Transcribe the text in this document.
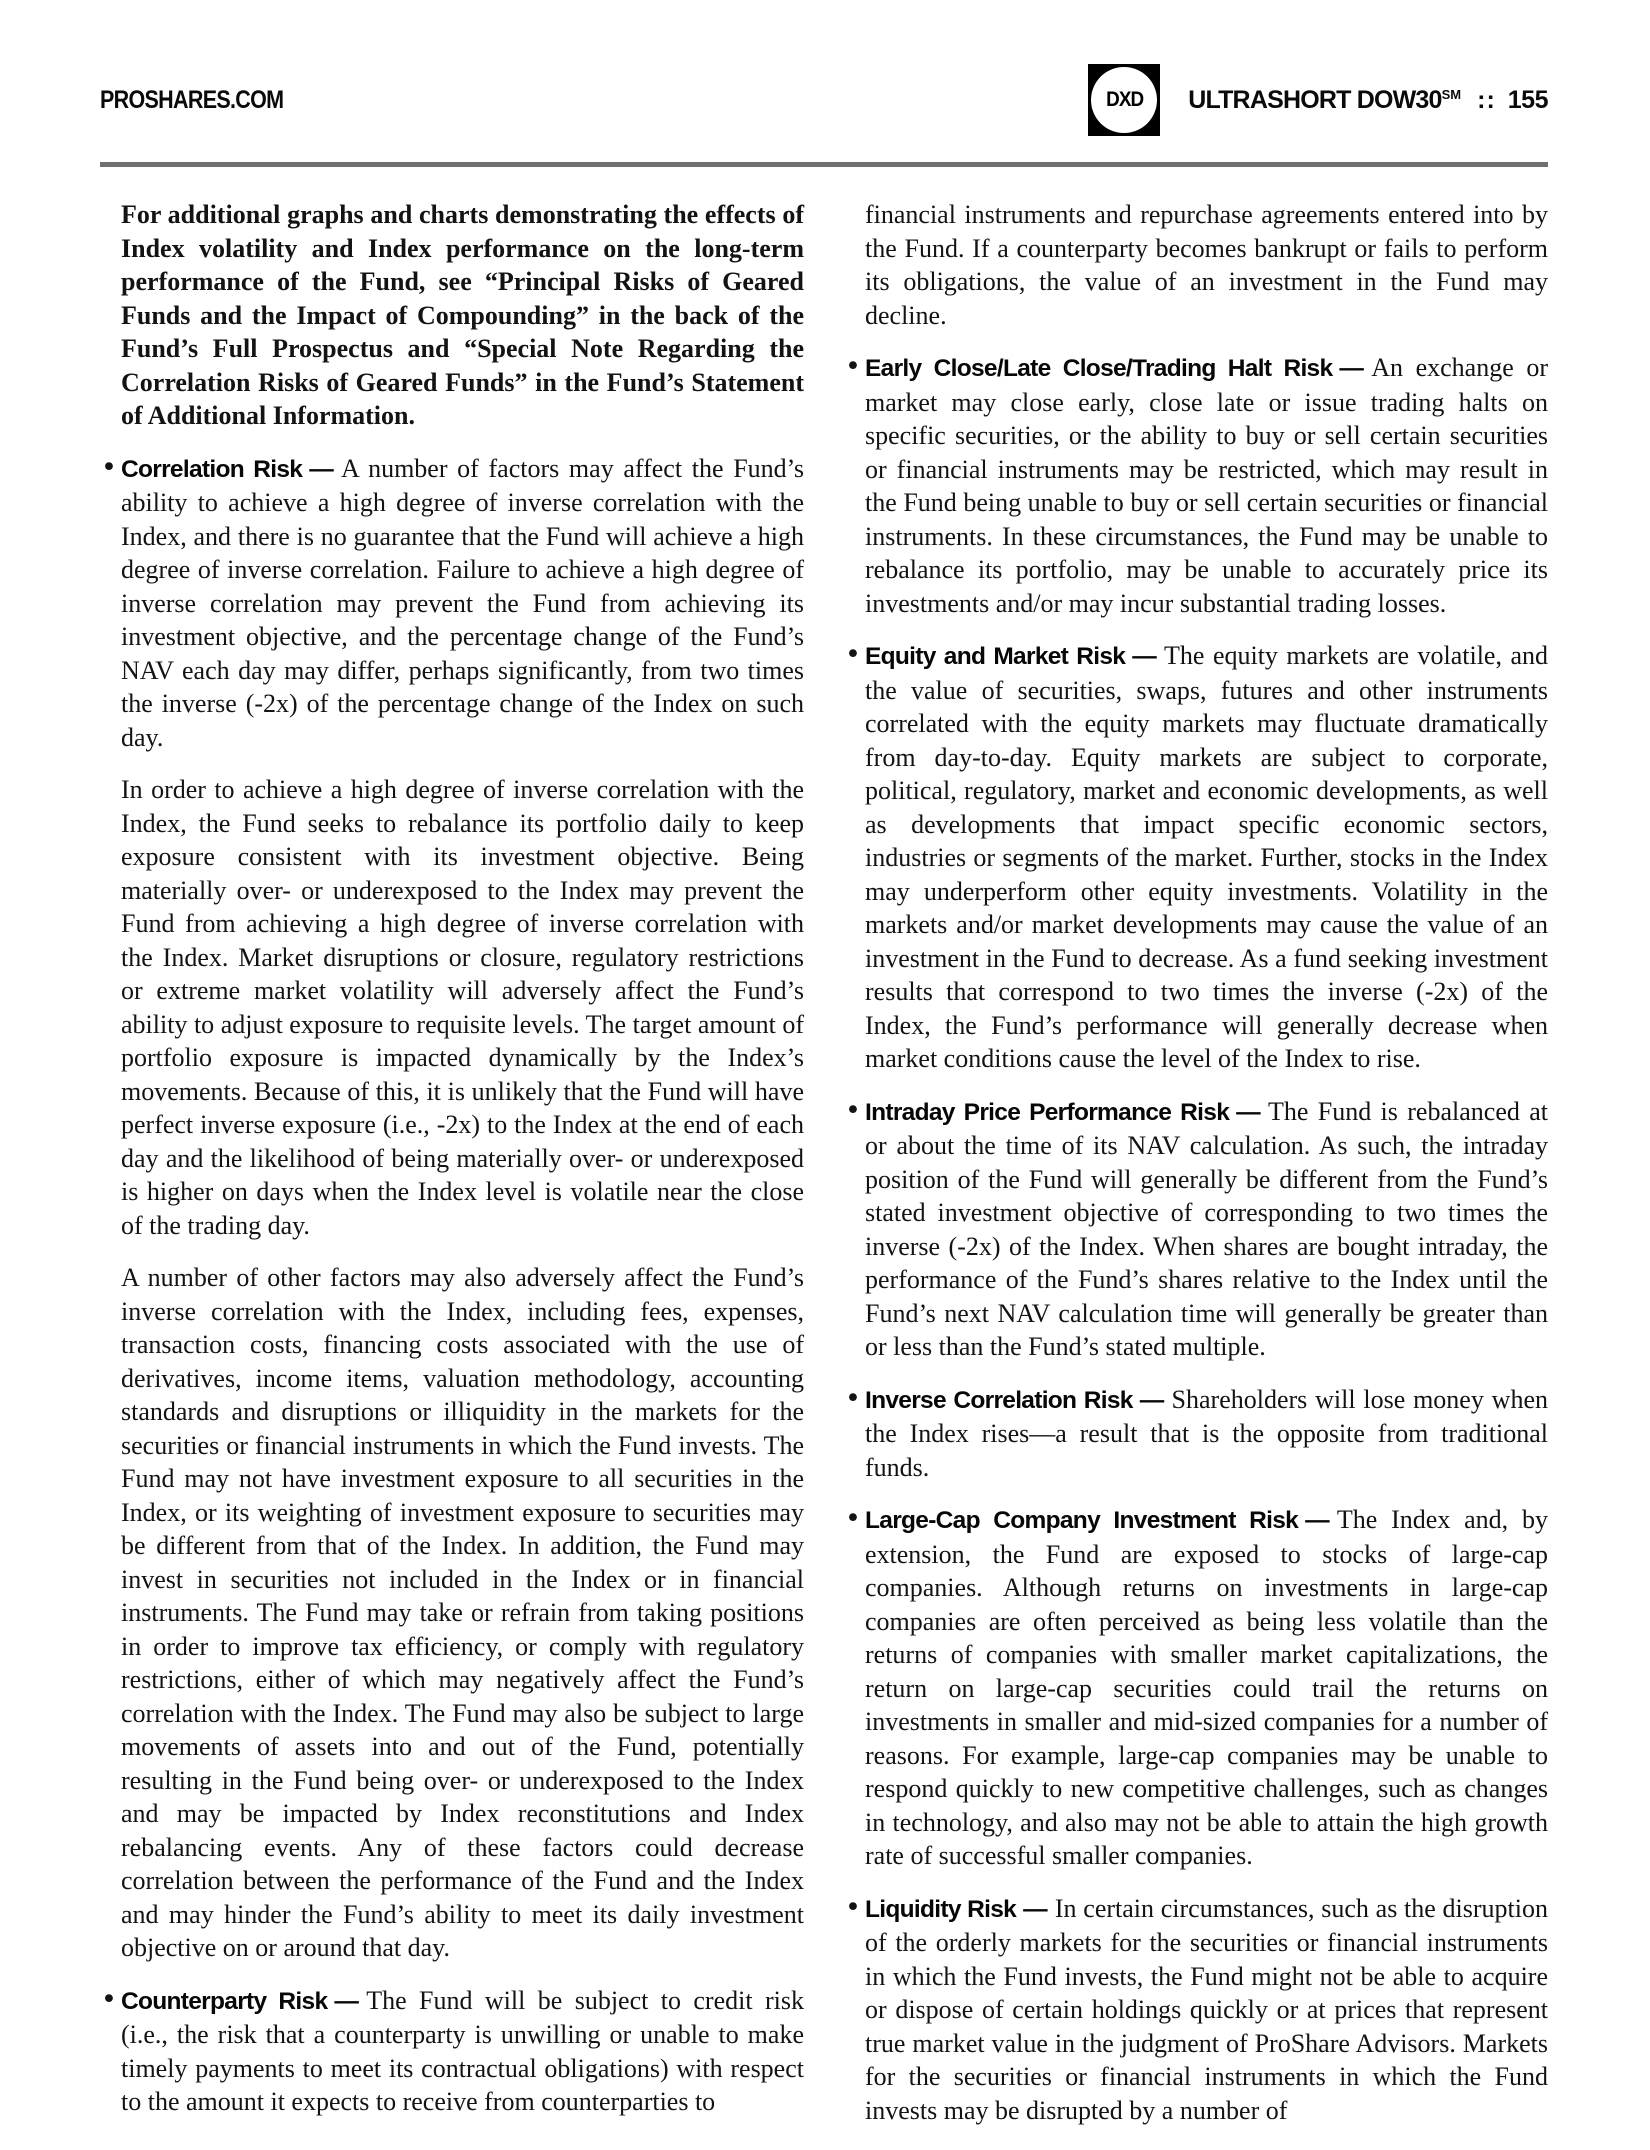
PROSHARES.COM	DXD ULTRASHORT DOW30 SM :: 155

For additional graphs and charts demonstrating the effects of Index volatility and Index performance on the long-term performance of the Fund, see “Principal Risks of Geared Funds and the Impact of Compounding” in the back of the Fund’s Full Prospectus and “Special Note Regarding the Correlation Risks of Geared Funds” in the Fund’s Statement of Additional Information.

• Correlation Risk — A number of factors may affect the Fund’s ability to achieve a high degree of inverse correlation with the Index, and there is no guarantee that the Fund will achieve a high degree of inverse correlation. Failure to achieve a high degree of inverse correlation may prevent the Fund from achieving its investment objective, and the percentage change of the Fund’s NAV each day may differ, perhaps significantly, from two times the inverse (-2x) of the percentage change of the Index on such day.

In order to achieve a high degree of inverse correlation with the Index, the Fund seeks to rebalance its portfolio daily to keep exposure consistent with its investment objective. Being materially over- or underexposed to the Index may prevent the Fund from achieving a high degree of inverse correlation with the Index. Market disruptions or closure, regulatory restrictions or extreme market volatility will adversely affect the Fund’s ability to adjust exposure to requisite levels. The target amount of portfolio exposure is impacted dynamically by the Index’s movements. Because of this, it is unlikely that the Fund will have perfect inverse exposure (i.e., -2x) to the Index at the end of each day and the likelihood of being materially over- or underexposed is higher on days when the Index level is volatile near the close of the trading day.

A number of other factors may also adversely affect the Fund’s inverse correlation with the Index, including fees, expenses, transaction costs, financing costs associated with the use of derivatives, income items, valuation methodology, accounting standards and disruptions or illiquidity in the markets for the securities or financial instruments in which the Fund invests. The Fund may not have investment exposure to all securities in the Index, or its weighting of investment exposure to securities may be different from that of the Index. In addition, the Fund may invest in securities not included in the Index or in financial instruments. The Fund may take or refrain from taking positions in order to improve tax efficiency, or comply with regulatory restrictions, either of which may negatively affect the Fund’s correlation with the Index. The Fund may also be subject to large movements of assets into and out of the Fund, potentially resulting in the Fund being over- or underexposed to the Index and may be impacted by Index reconstitutions and Index rebalancing events. Any of these factors could decrease correlation between the performance of the Fund and the Index and may hinder the Fund’s ability to meet its daily investment objective on or around that day.

• Counterparty Risk — The Fund will be subject to credit risk (i.e., the risk that a counterparty is unwilling or unable to make timely payments to meet its contractual obligations) with respect to the amount it expects to receive from counterparties to

financial instruments and repurchase agreements entered into by the Fund. If a counterparty becomes bankrupt or fails to perform its obligations, the value of an investment in the Fund may decline.

• Early Close/Late Close/Trading Halt Risk — An exchange or market may close early, close late or issue trading halts on specific securities, or the ability to buy or sell certain securities or financial instruments may be restricted, which may result in the Fund being unable to buy or sell certain securities or financial instruments. In these circumstances, the Fund may be unable to rebalance its portfolio, may be unable to accurately price its investments and/or may incur substantial trading losses.

• Equity and Market Risk — The equity markets are volatile, and the value of securities, swaps, futures and other instruments correlated with the equity markets may fluctuate dramatically from day-to-day. Equity markets are subject to corporate, political, regulatory, market and economic developments, as well as developments that impact specific economic sectors, industries or segments of the market. Further, stocks in the Index may underperform other equity investments. Volatility in the markets and/or market developments may cause the value of an investment in the Fund to decrease. As a fund seeking investment results that correspond to two times the inverse (-2x) of the Index, the Fund’s performance will generally decrease when market conditions cause the level of the Index to rise.

• Intraday Price Performance Risk — The Fund is rebalanced at or about the time of its NAV calculation. As such, the intraday position of the Fund will generally be different from the Fund’s stated investment objective of corresponding to two times the inverse (-2x) of the Index. When shares are bought intraday, the performance of the Fund’s shares relative to the Index until the Fund’s next NAV calculation time will generally be greater than or less than the Fund’s stated multiple.

• Inverse Correlation Risk — Shareholders will lose money when the Index rises—a result that is the opposite from traditional funds.

• Large-Cap Company Investment Risk — The Index and, by extension, the Fund are exposed to stocks of large-cap companies. Although returns on investments in large-cap companies are often perceived as being less volatile than the returns of companies with smaller market capitalizations, the return on large-cap securities could trail the returns on investments in smaller and mid-sized companies for a number of reasons. For example, large-cap companies may be unable to respond quickly to new competitive challenges, such as changes in technology, and also may not be able to attain the high growth rate of successful smaller companies.

• Liquidity Risk — In certain circumstances, such as the disruption of the orderly markets for the securities or financial instruments in which the Fund invests, the Fund might not be able to acquire or dispose of certain holdings quickly or at prices that represent true market value in the judgment of ProShare Advisors. Markets for the securities or financial instruments in which the Fund invests may be disrupted by a number of
